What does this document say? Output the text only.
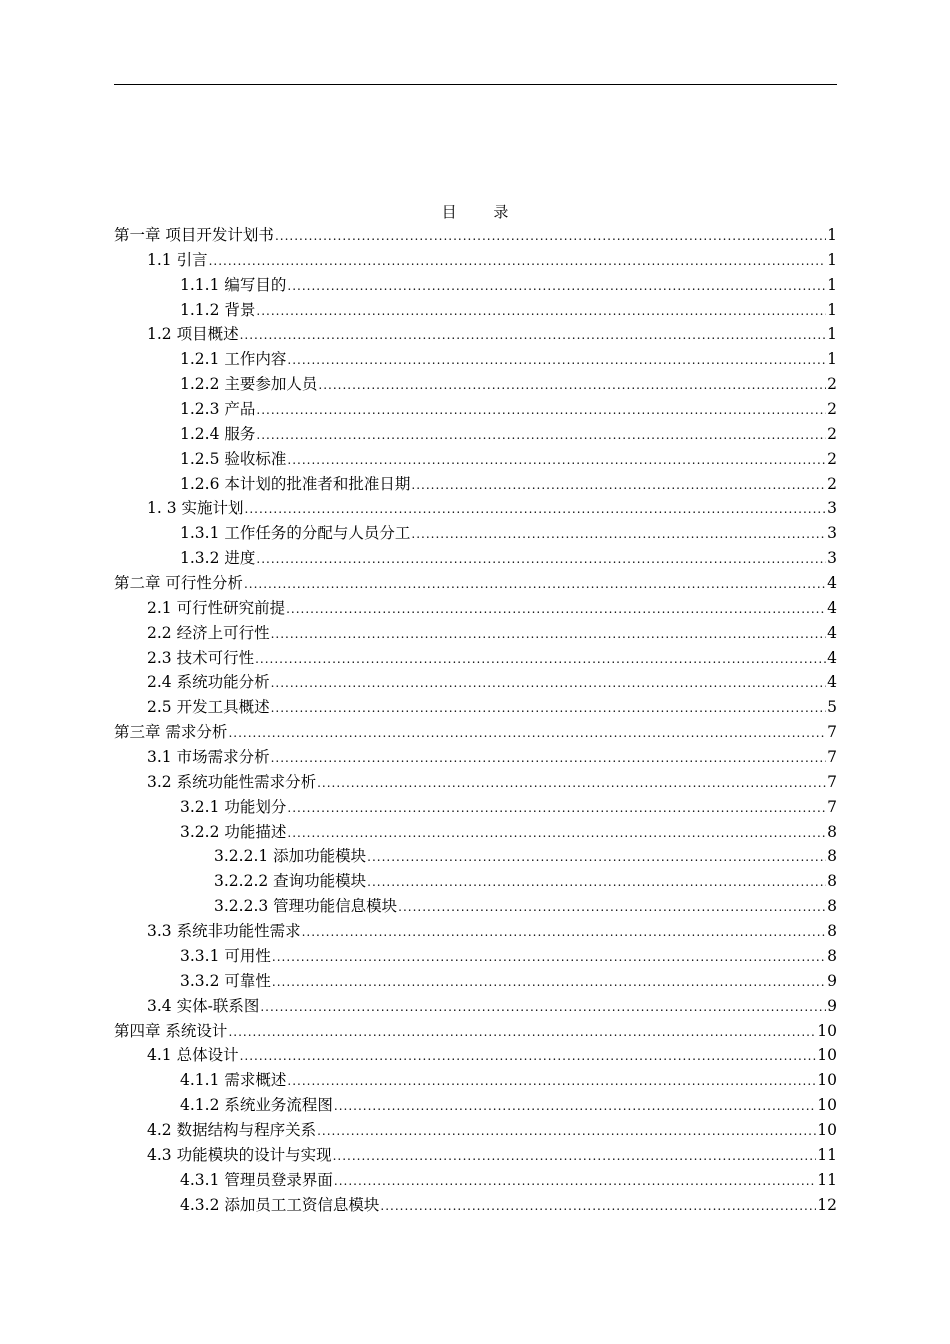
目 录
第一章 项目开发计划书 .....	1
1.1 引言 .....	1
1.1.1 编写目的 .....	1
1.1.2 背景 .....	1
1.2 项目概述 .....	1
1.2.1 工作内容 .....	1
1.2.2 主要参加人员 .....	2
1.2.3 产品 .....	2
1.2.4 服务 .....	2
1.2.5 验收标准 .....	2
1.2.6 本计划的批准者和批准日期 .....	2
1. 3 实施计划 .....	3
1.3.1 工作任务的分配与人员分工 .....	3
1.3.2 进度 .....	3
第二章 可行性分析 .....	4
2.1 可行性研究前提 .....	4
2.2 经济上可行性 .....	4
2.3 技术可行性 .....	4
2.4 系统功能分析 .....	4
2.5 开发工具概述 .....	5
第三章 需求分析 .....	7
3.1 市场需求分析 .....	7
3.2 系统功能性需求分析 .....	7
3.2.1 功能划分 .....	7
3.2.2 功能描述 .....	8
3.2.2.1 添加功能模块 .....	8
3.2.2.2 查询功能模块 .....	8
3.2.2.3 管理功能信息模块 .....	8
3.3 系统非功能性需求 .....	8
3.3.1 可用性 .....	8
3.3.2 可靠性 .....	9
3.4 实体-联系图 .....	9
第四章 系统设计 .....	10
4.1 总体设计 .....	10
4.1.1 需求概述 .....	10
4.1.2 系统业务流程图 .....	10
4.2 数据结构与程序关系 .....	10
4.3 功能模块的设计与实现 .....	11
4.3.1 管理员登录界面 .....	11
4.3.2 添加员工工资信息模块 .....	12
